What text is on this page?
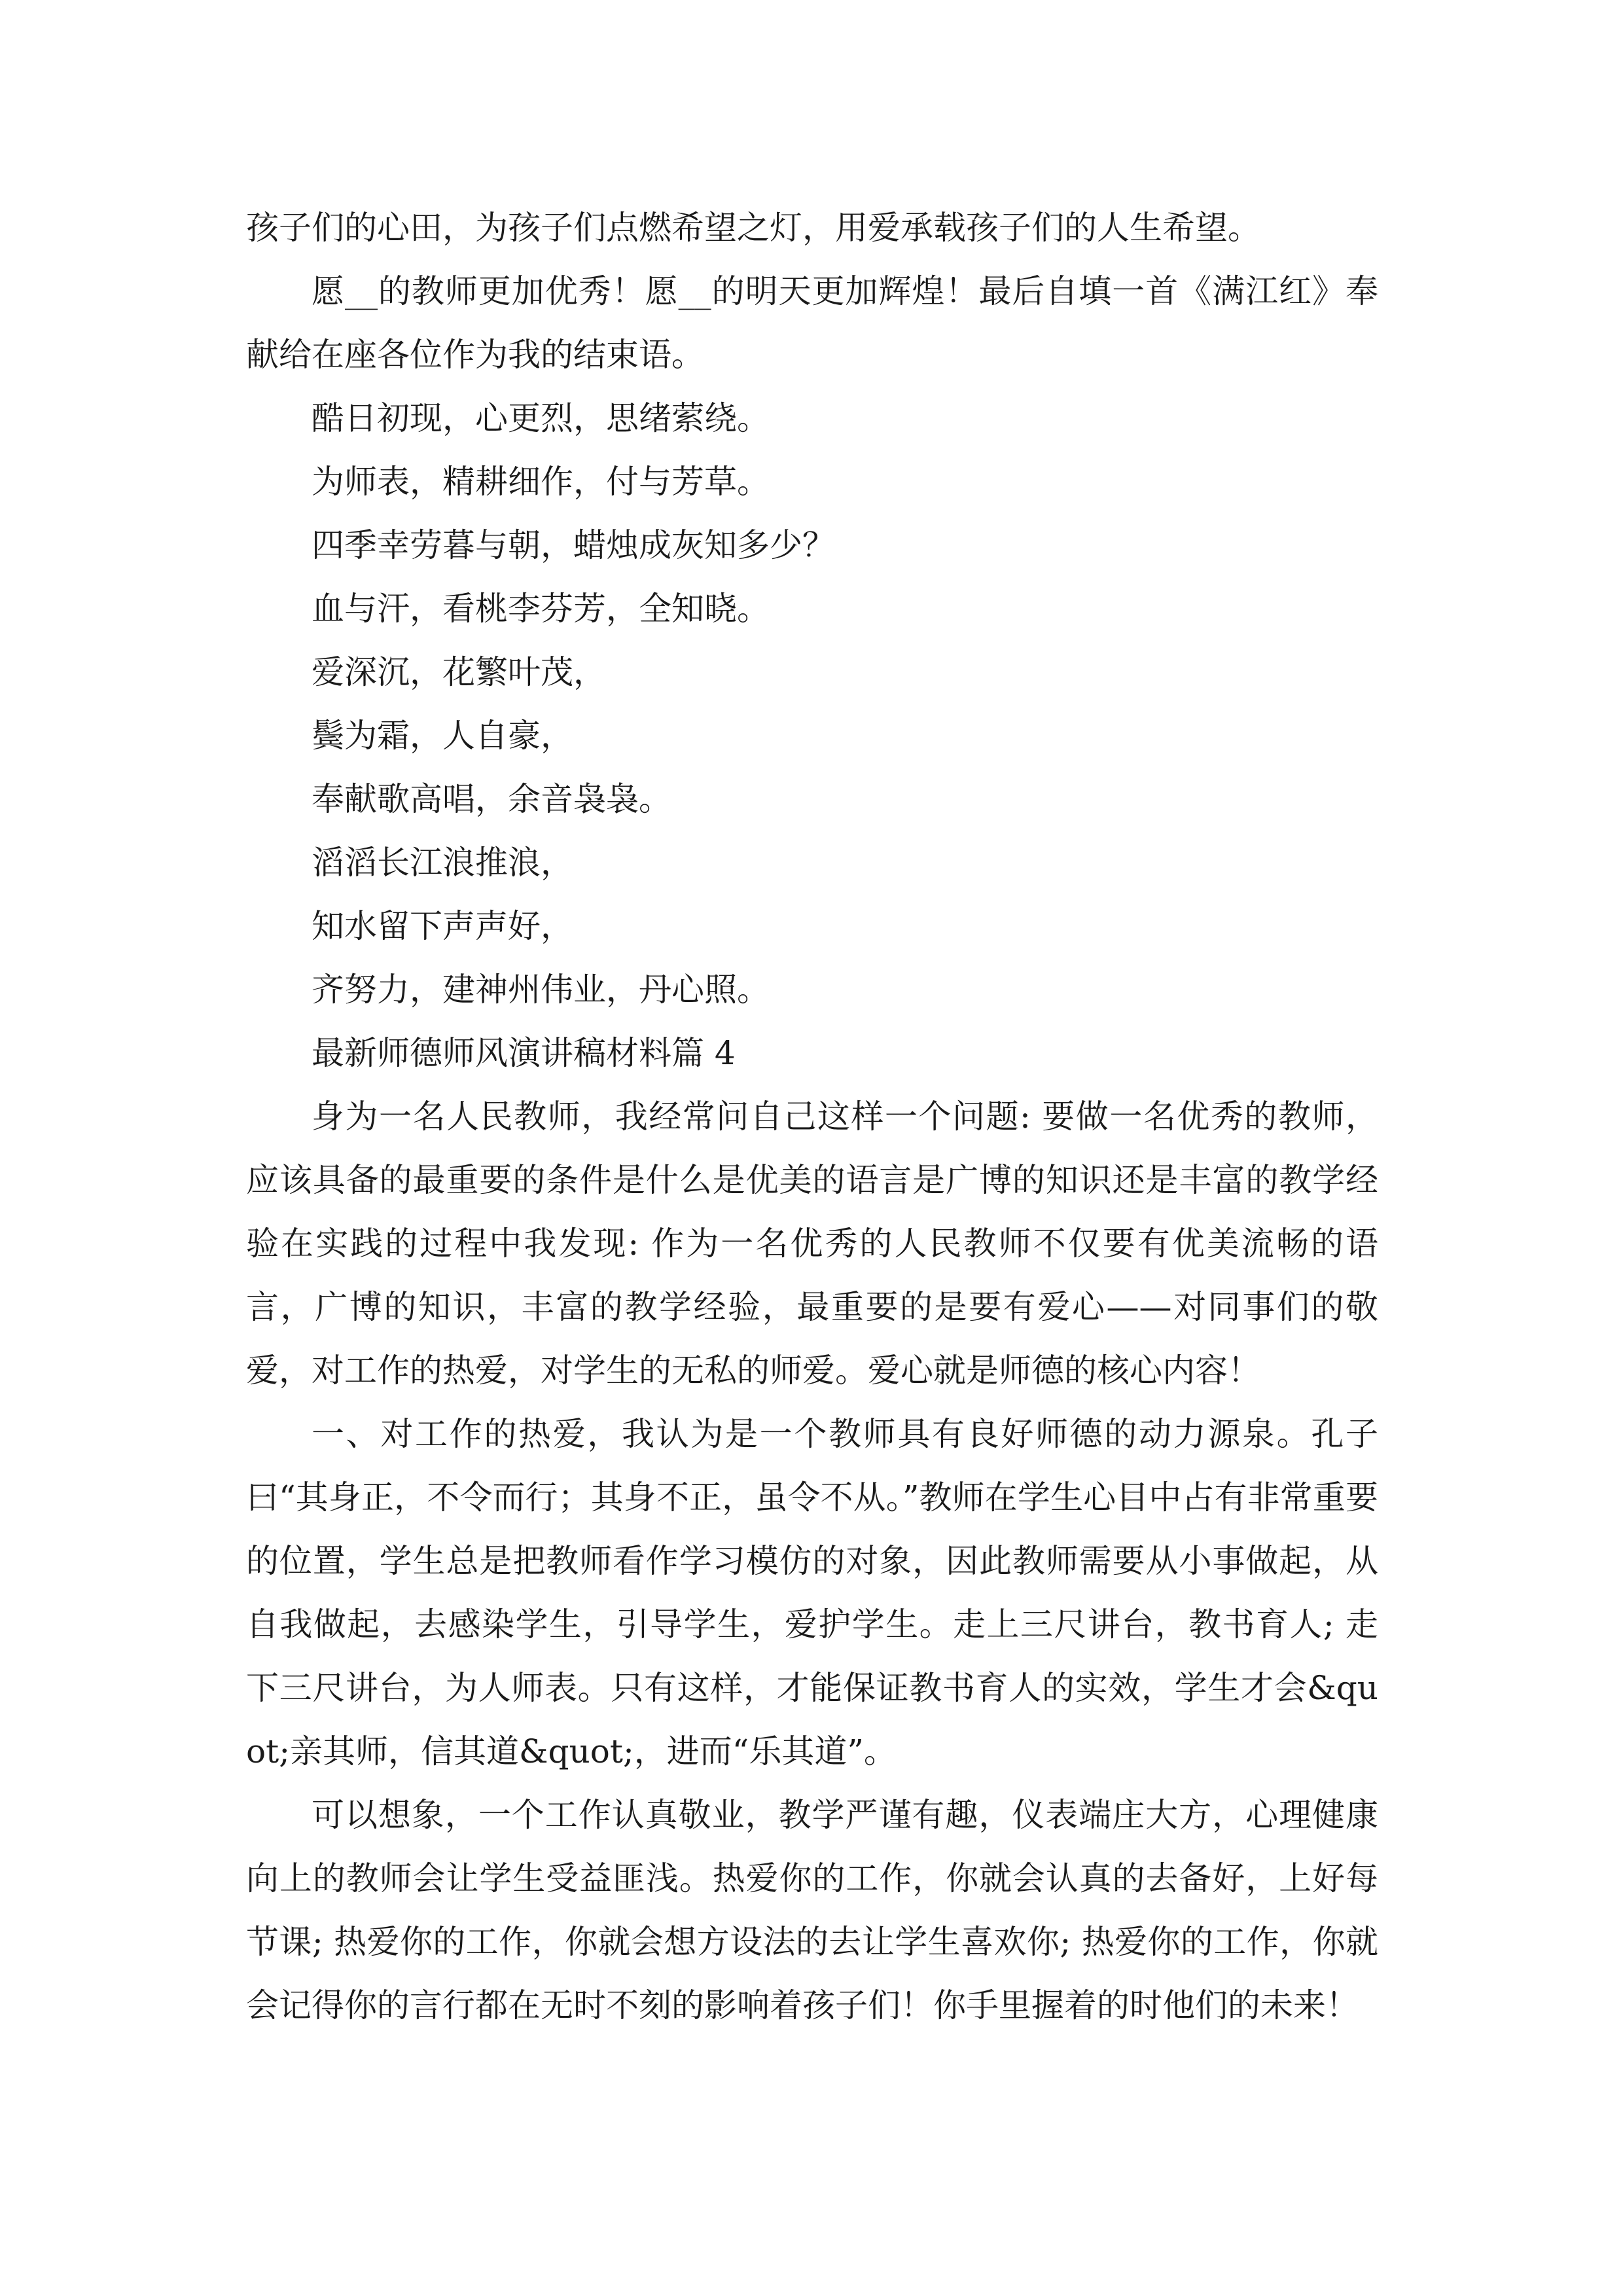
孩子们的心田，为孩子们点燃希望之灯，用爱承载孩子们的人生希望。

愿__的教师更加优秀！愿__的明天更加辉煌！最后自填一首《满江红》奉献给在座各位作为我的结束语。

酷日初现，心更烈，思绪萦绕。

为师表，精耕细作，付与芳草。

四季幸劳暮与朝，蜡烛成灰知多少？

血与汗，看桃李芬芳，全知晓。

爱深沉，花繁叶茂，

鬓为霜，人自豪，

奉献歌高唱，余音袅袅。

滔滔长江浪推浪，

知水留下声声好，

齐努力，建神州伟业，丹心照。

最新师德师风演讲稿材料篇 4

身为一名人民教师，我经常问自己这样一个问题: 要做一名优秀的教师，应该具备的最重要的条件是什么是优美的语言是广博的知识还是丰富的教学经验在实践的过程中我发现: 作为一名优秀的人民教师不仅要有优美流畅的语言，广博的知识，丰富的教学经验，最重要的是要有爱心——对同事们的敬爱，对工作的热爱，对学生的无私的师爱。爱心就是师德的核心内容！

一、对工作的热爱，我认为是一个教师具有良好师德的动力源泉。孔子曰“其身正，不令而行；其身不正，虽令不从。”教师在学生心目中占有非常重要的位置，学生总是把教师看作学习模仿的对象，因此教师需要从小事做起，从自我做起，去感染学生，引导学生，爱护学生。走上三尺讲台，教书育人; 走下三尺讲台，为人师表。只有这样，才能保证教书育人的实效，学生才会&quot;亲其师，信其道&quot;，进而“乐其道”。

可以想象，一个工作认真敬业，教学严谨有趣，仪表端庄大方，心理健康向上的教师会让学生受益匪浅。热爱你的工作，你就会认真的去备好，上好每节课; 热爱你的工作，你就会想方设法的去让学生喜欢你; 热爱你的工作，你就会记得你的言行都在无时不刻的影响着孩子们！你手里握着的时他们的未来！
